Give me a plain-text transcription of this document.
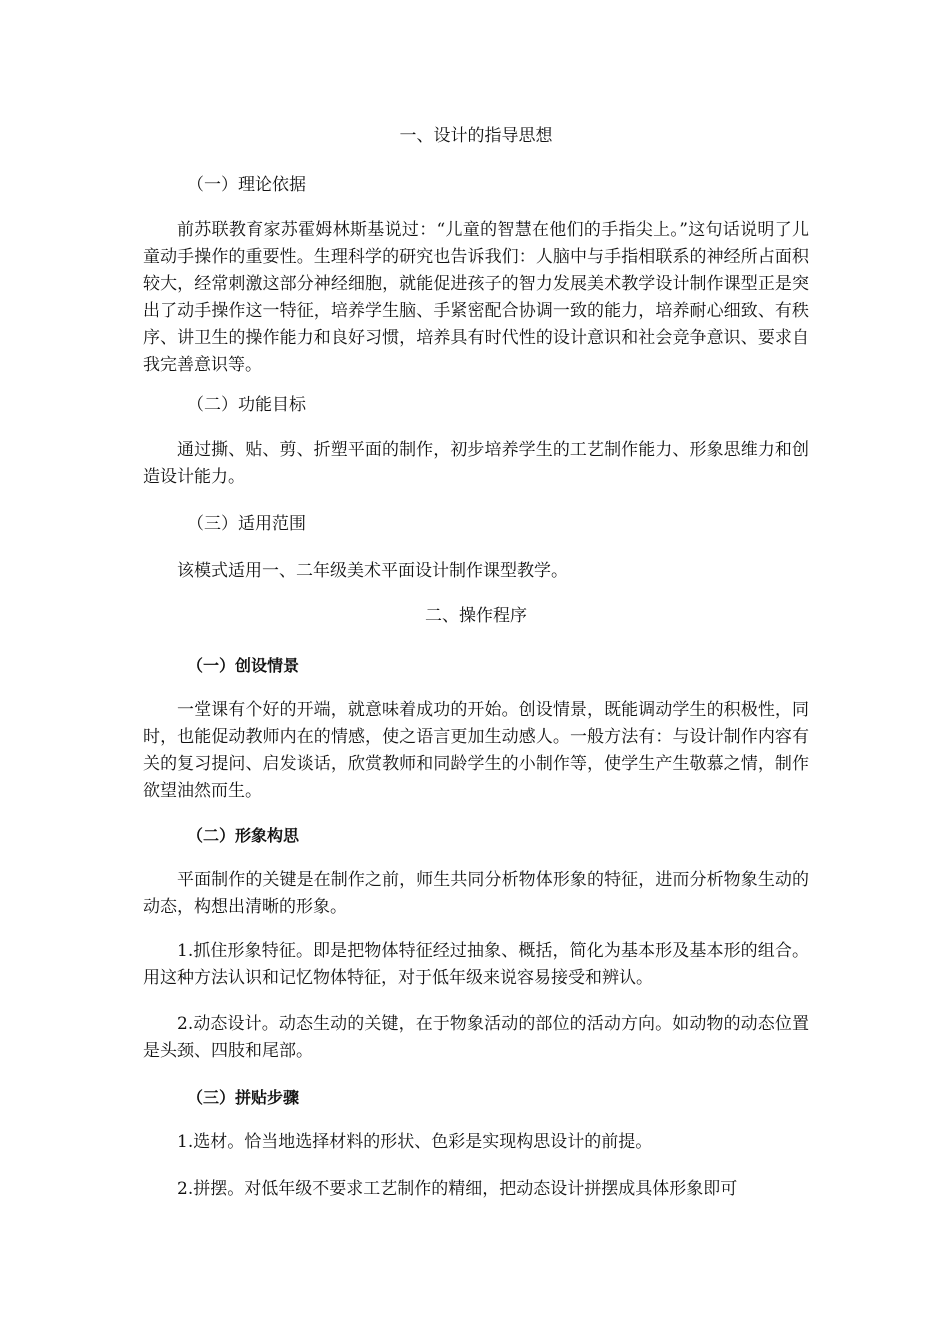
一、设计的指导思想

（一）理论依据

前苏联教育家苏霍姆林斯基说过：“儿童的智慧在他们的手指尖上。”这句话说明了儿童动手操作的重要性。生理科学的研究也告诉我们：人脑中与手指相联系的神经所占面积较大，经常刺激这部分神经细胞，就能促进孩子的智力发展美术教学设计制作课型正是突出了动手操作这一特征，培养学生脑、手紧密配合协调一致的能力，培养耐心细致、有秩序、讲卫生的操作能力和良好习惯，培养具有时代性的设计意识和社会竞争意识、要求自我完善意识等。

（二）功能目标

通过撕、贴、剪、折塑平面的制作，初步培养学生的工艺制作能力、形象思维力和创造设计能力。

（三）适用范围

该模式适用一、二年级美术平面设计制作课型教学。

二、操作程序

（一）创设情景

一堂课有个好的开端，就意味着成功的开始。创设情景，既能调动学生的积极性，同时，也能促动教师内在的情感，使之语言更加生动感人。一般方法有：与设计制作内容有关的复习提问、启发谈话，欣赏教师和同龄学生的小制作等，使学生产生敬慕之情，制作欲望油然而生。

（二）形象构思

平面制作的关键是在制作之前，师生共同分析物体形象的特征，进而分析物象生动的动态，构想出清晰的形象。

1.抓住形象特征。即是把物体特征经过抽象、概括，简化为基本形及基本形的组合。用这种方法认识和记忆物体特征，对于低年级来说容易接受和辨认。

2.动态设计。动态生动的关键，在于物象活动的部位的活动方向。如动物的动态位置是头颈、四肢和尾部。

（三）拼贴步骤

1.选材。恰当地选择材料的形状、色彩是实现构思设计的前提。

2.拼摆。对低年级不要求工艺制作的精细，把动态设计拼摆成具体形象即可
